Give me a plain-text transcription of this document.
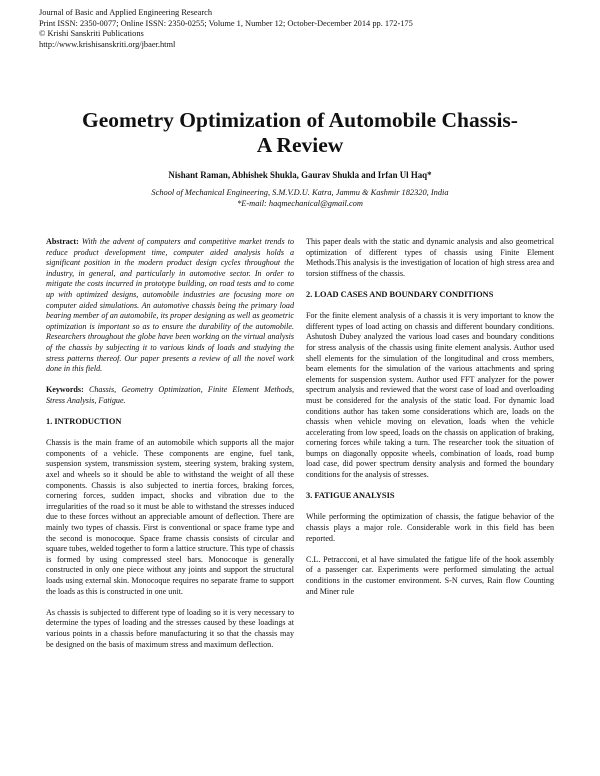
Journal of Basic and Applied Engineering Research
Print ISSN: 2350-0077; Online ISSN: 2350-0255; Volume 1, Number 12; October-December 2014 pp. 172-175
© Krishi Sanskriti Publications
http://www.krishisanskriti.org/jbaer.html
Geometry Optimization of Automobile Chassis-
A Review
Nishant Raman, Abhishek Shukla, Gaurav Shukla and Irfan Ul Haq*
School of Mechanical Engineering, S.M.V.D.U. Katra, Jammu & Kashmir 182320, India
*E-mail: haqmechanical@gmail.com

Abstract: With the advent of computers and competitive market trends to reduce product development time, computer aided analysis holds a significant position in the modern product design cycles throughout the industry, in general, and particularly in automotive sector. In order to mitigate the costs incurred in prototype building, on road tests and to come up with optimized designs, automobile industries are focusing more on computer aided simulations. An automotive chassis being the primary load bearing member of an automobile, its proper designing as well as geometric optimization is important so as to ensure the durability of the automobile. Researchers throughout the globe have been working on the virtual analysis of the chassis by subjecting it to various kinds of loads and studying the stress patterns thereof. Our paper presents a review of all the novel work done in this field.

Keywords: Chassis, Geometry Optimization, Finite Element Methods, Stress Analysis, Fatigue.

1. INTRODUCTION

Chassis is the main frame of an automobile which supports all the major components of a vehicle. These components are engine, fuel tank, suspension system, transmission system, steering system, braking system, axel and wheels so it should be able to withstand the weight of all these components. Chassis is also subjected to inertia forces, braking forces, cornering forces, sudden impact, shocks and vibration due to the irregularities of the road so it must be able to withstand the stresses induced due to these forces without an appreciable amount of deflection. There are mainly two types of chassis. First is conventional or space frame type and the second is monocoque. Space frame chassis consists of circular and square tubes, welded together to form a lattice structure. This type of chassis is formed by using compressed steel bars. Monocoque is generally constructed in only one piece without any joints and support the structural loads using external skin. Monocoque requires no separate frame to support the loads as this is constructed in one unit.

As chassis is subjected to different type of loading so it is very necessary to determine the types of loading and the stresses caused by these loadings at various points in a chassis before manufacturing it so that the chassis may be designed on the basis of maximum stress and maximum deflection.

This paper deals with the static and dynamic analysis and also geometrical optimization of different types of chassis using Finite Element Methods.This analysis is the investigation of location of high stress area and torsion stiffness of the chassis.

2. LOAD CASES AND BOUNDARY CONDITIONS

For the finite element analysis of a chassis it is very important to know the different types of load acting on chassis and different boundary conditions. Ashutosh Dubey analyzed the various load cases and boundary conditions for stress analysis of the chassis using finite element analysis. Author used shell elements for the simulation of the longitudinal and cross members, beam elements for the simulation of the various attachments and spring elements for suspension system. Author used FFT analyzer for the power spectrum analysis and reviewed that the worst case of load and overloading must be considered for the analysis of the static load. For dynamic load conditions author has taken some considerations which are, loads on the chassis when vehicle moving on elevation, loads when the vehicle accelerating from low speed, loads on the chassis on application of braking, cornering forces while taking a turn. The researcher took the situation of bumps on diagonally opposite wheels, combination of loads, road bump load case, did power spectrum density analysis and formed the boundary conditions for the analysis of stresses.

3. FATIGUE ANALYSIS

While performing the optimization of chassis, the fatigue behavior of the chassis plays a major role. Considerable work in this field has been reported.

C.L. Petracconi, et al have simulated the fatigue life of the hook assembly of a passenger car. Experiments were performed simulating the actual conditions in the customer environment. S-N curves, Rain flow Counting and Miner rule
